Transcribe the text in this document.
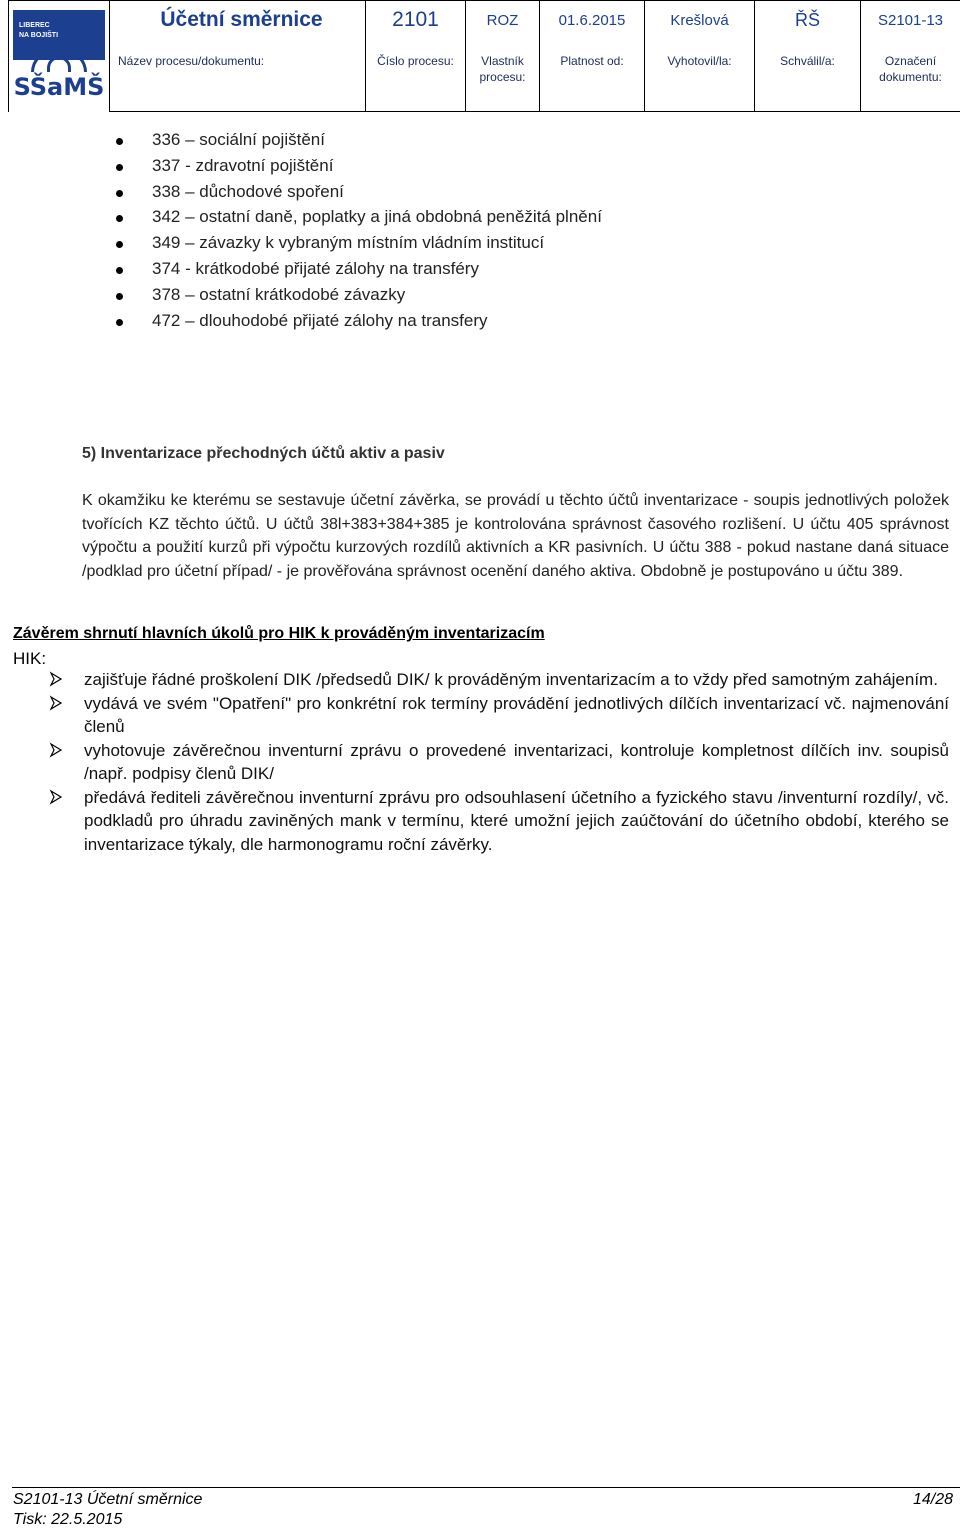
LIBEREC
NA BOJIŠTI
SŠaMŠ	Účetní směrnice	2101	ROZ	01.6.2015	Krešlová	ŘŠ	S2101-13
	Název procesu/dokumentu:	Číslo procesu:	Vlastník procesu:	Platnost od:	Vyhotovil/la:	Schválil/a:	Označení dokumentu:
336 – sociální pojištění
337 - zdravotní pojištění
338 – důchodové spoření
342 – ostatní daně, poplatky a jiná obdobná peněžitá plnění
349 – závazky k vybraným místním vládním institucí
374 - krátkodobé přijaté zálohy na transféry
378 – ostatní krátkodobé závazky
472 – dlouhodobé přijaté zálohy na transfery
5) Inventarizace přechodných účtů aktiv a pasiv

K okamžiku ke kterému se sestavuje účetní závěrka, se provádí u těchto účtů inventarizace - soupis jednotlivých položek tvořících KZ těchto účtů. U účtů 38l+383+384+385 je kontrolována správnost časového rozlišení. U účtu 405 správnost výpočtu a použití kurzů při výpočtu kurzových rozdílů aktivních a KR pasivních. U účtu 388 - pokud nastane daná situace /podklad pro účetní případ/ - je prověřována správnost ocenění daného aktiva. Obdobně je postupováno u účtu 389.

Závěrem shrnutí hlavních úkolů pro HIK k prováděným inventarizacím
HIK:
zajišťuje řádné proškolení DIK /předsedů DIK/ k prováděným inventarizacím a to vždy před samotným zahájením.
vydává ve svém "Opatření" pro konkrétní rok termíny provádění jednotlivých dílčích inventarizací vč. najmenování členů
vyhotovuje závěrečnou inventurní zprávu o provedené inventarizaci, kontroluje kompletnost dílčích inv. soupisů /např. podpisy členů DIK/
předává řediteli závěrečnou inventurní zprávu pro odsouhlasení účetního a fyzického stavu /inventurní rozdíly/, vč. podkladů pro úhradu zaviněných mank v termínu, které umožní jejich zaúčtování do účetního období, kterého se inventarizace týkaly, dle harmonogramu roční závěrky.
S2101-13 Účetní směrnice
Tisk: 22.5.2015
14/28
